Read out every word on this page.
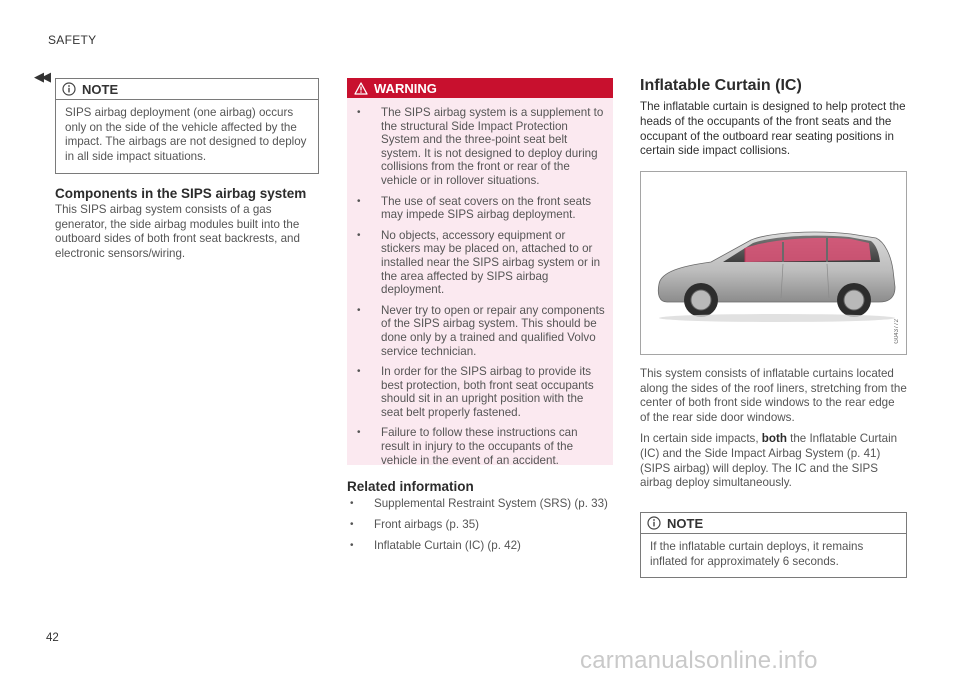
SAFETY
◀◀
NOTE
SIPS airbag deployment (one airbag) occurs only on the side of the vehicle affected by the impact. The airbags are not designed to deploy in all side impact situations.
Components in the SIPS airbag system

This SIPS airbag system consists of a gas generator, the side airbag modules built into the outboard sides of both front seat backrests, and electronic sensors/wiring.

WARNING
•	The SIPS airbag system is a supplement to the structural Side Impact Protection System and the three-point seat belt system. It is not designed to deploy during collisions from the front or rear of the vehicle or in rollover situations.
•	The use of seat covers on the front seats may impede SIPS airbag deployment.
•	No objects, accessory equipment or stickers may be placed on, attached to or installed near the SIPS airbag system or in the area affected by SIPS airbag deployment.
•	Never try to open or repair any components of the SIPS airbag system. This should be done only by a trained and qualified Volvo service technician.
•	In order for the SIPS airbag to provide its best protection, both front seat occupants should sit in an upright position with the seat belt properly fastened.
•	Failure to follow these instructions can result in injury to the occupants of the vehicle in the event of an accident.
Related information
•	Supplemental Restraint System (SRS) (p. 33)
•	Front airbags (p. 35)
•	Inflatable Curtain (IC) (p. 42)
Inflatable Curtain (IC)

The inflatable curtain is designed to help protect the heads of the occupants of the front seats and the occupant of the outboard rear seating positions in certain side impact collisions.

G043772

This system consists of inflatable curtains located along the sides of the roof liners, stretching from the center of both front side windows to the rear edge of the rear side door windows.

In certain side impacts, both the Inflatable Curtain (IC) and the Side Impact Airbag System (p. 41) (SIPS airbag) will deploy. The IC and the SIPS airbag deploy simultaneously.

NOTE
If the inflatable curtain deploys, it remains inflated for approximately 6 seconds.
42
carmanualsonline.info
